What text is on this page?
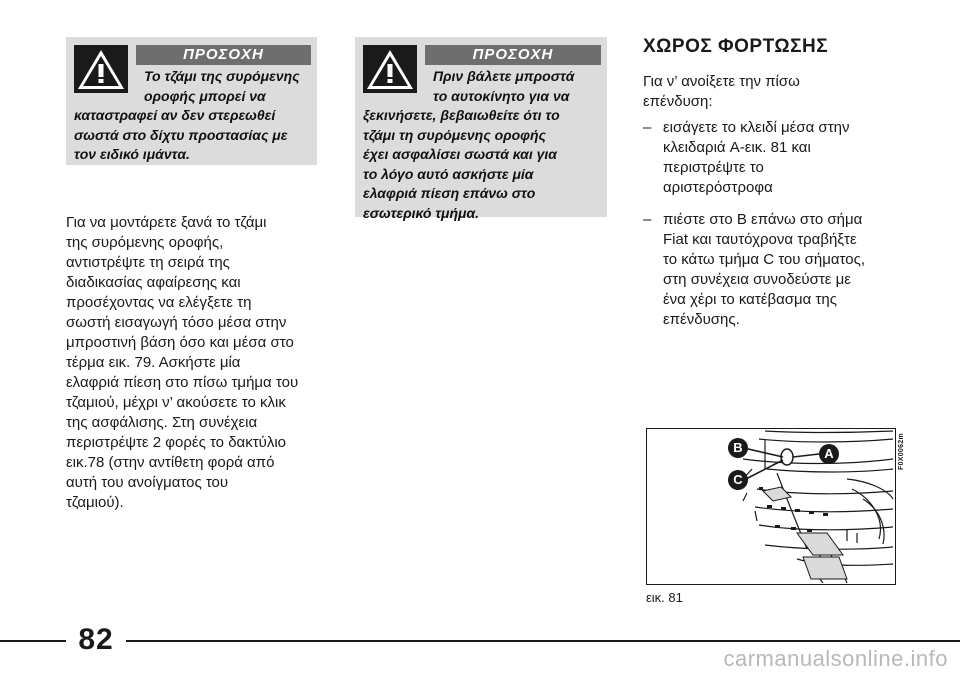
ΠΡΟΣΟΧΗ

Το τζάμι της συρόμενης
οροφής μπορεί να
καταστραφεί αν δεν στερεωθεί
σωστά στο δίχτυ προστασίας με
τον ειδικό ιμάντα.

ΠΡΟΣΟΧΗ

Πριν βάλετε μπροστά
το αυτοκίνητο για να
ξεκινήσετε, βεβαιωθείτε ότι το
τζάμι τη συρόμενης οροφής
έχει ασφαλίσει σωστά και για
το λόγο αυτό ασκήστε μία
ελαφριά πίεση επάνω στο
εσωτερικό τμήμα.

Για να μοντάρετε ξανά το τζάμι
της συρόμενης οροφής,
αντιστρέψτε τη σειρά της
διαδικασίας αφαίρεσης και
προσέχοντας να ελέγξετε τη
σωστή εισαγωγή τόσο μέσα στην
μπροστινή βάση όσο και μέσα στο
τέρμα εικ. 79. Ασκήστε μία
ελαφριά πίεση στο πίσω τμήμα του
τζαμιού, μέχρι ν’ ακούσετε το κλικ
της ασφάλισης. Στη συνέχεια
περιστρέψτε 2 φορές το δακτύλιο
εικ.78 (στην αντίθετη φορά από
αυτή του ανοίγματος του
τζαμιού).

ΧΩΡΟΣ ΦΟΡΤΩΣΗΣ

Για ν’ ανοίξετε την πίσω
επένδυση:

– εισάγετε το κλειδί μέσα στην
κλειδαριά A-εικ. 81 και
περιστρέψτε το
αριστερόστροφα
– πιέστε στο B επάνω στο σήμα
Fiat και ταυτόχρονα τραβήξτε
το κάτω τμήμα C του σήματος,
στη συνέχεια συνοδεύστε με
ένα χέρι το κατέβασμα της
επένδυσης.
B	A
C
F0X0062m
εικ. 81
82
carmanualsonline.info
